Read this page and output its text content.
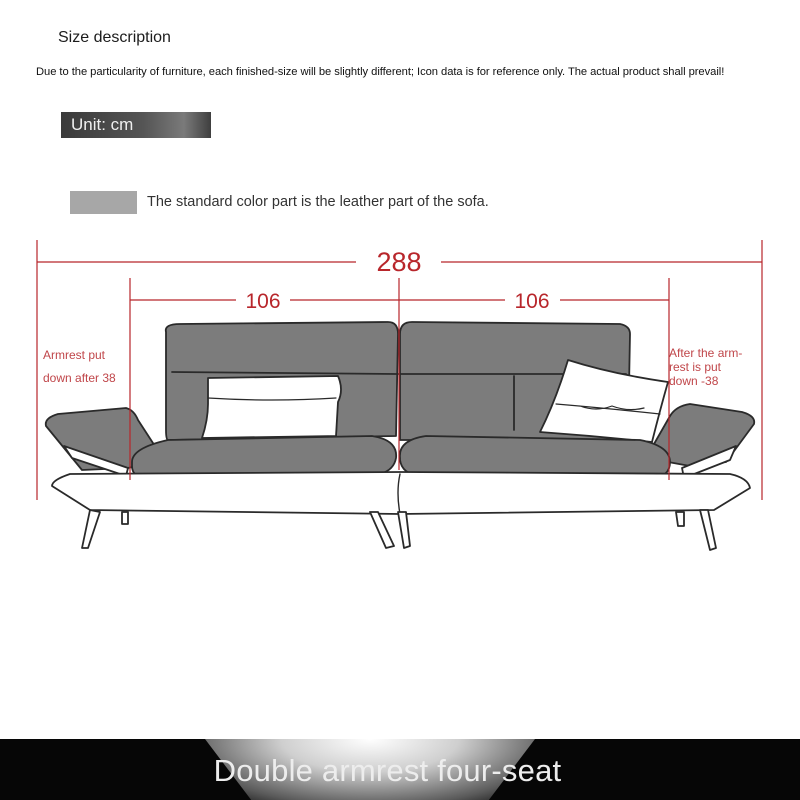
Size description
Due to the particularity of furniture, each finished-size will be slightly different; Icon data is for reference only. The actual product shall prevail!
Unit: cm
The standard color part is the leather part of the sofa.
288
106	106
Armrest put
down after 38
After the arm-
rest is put
down -38
Double armrest four-seat
